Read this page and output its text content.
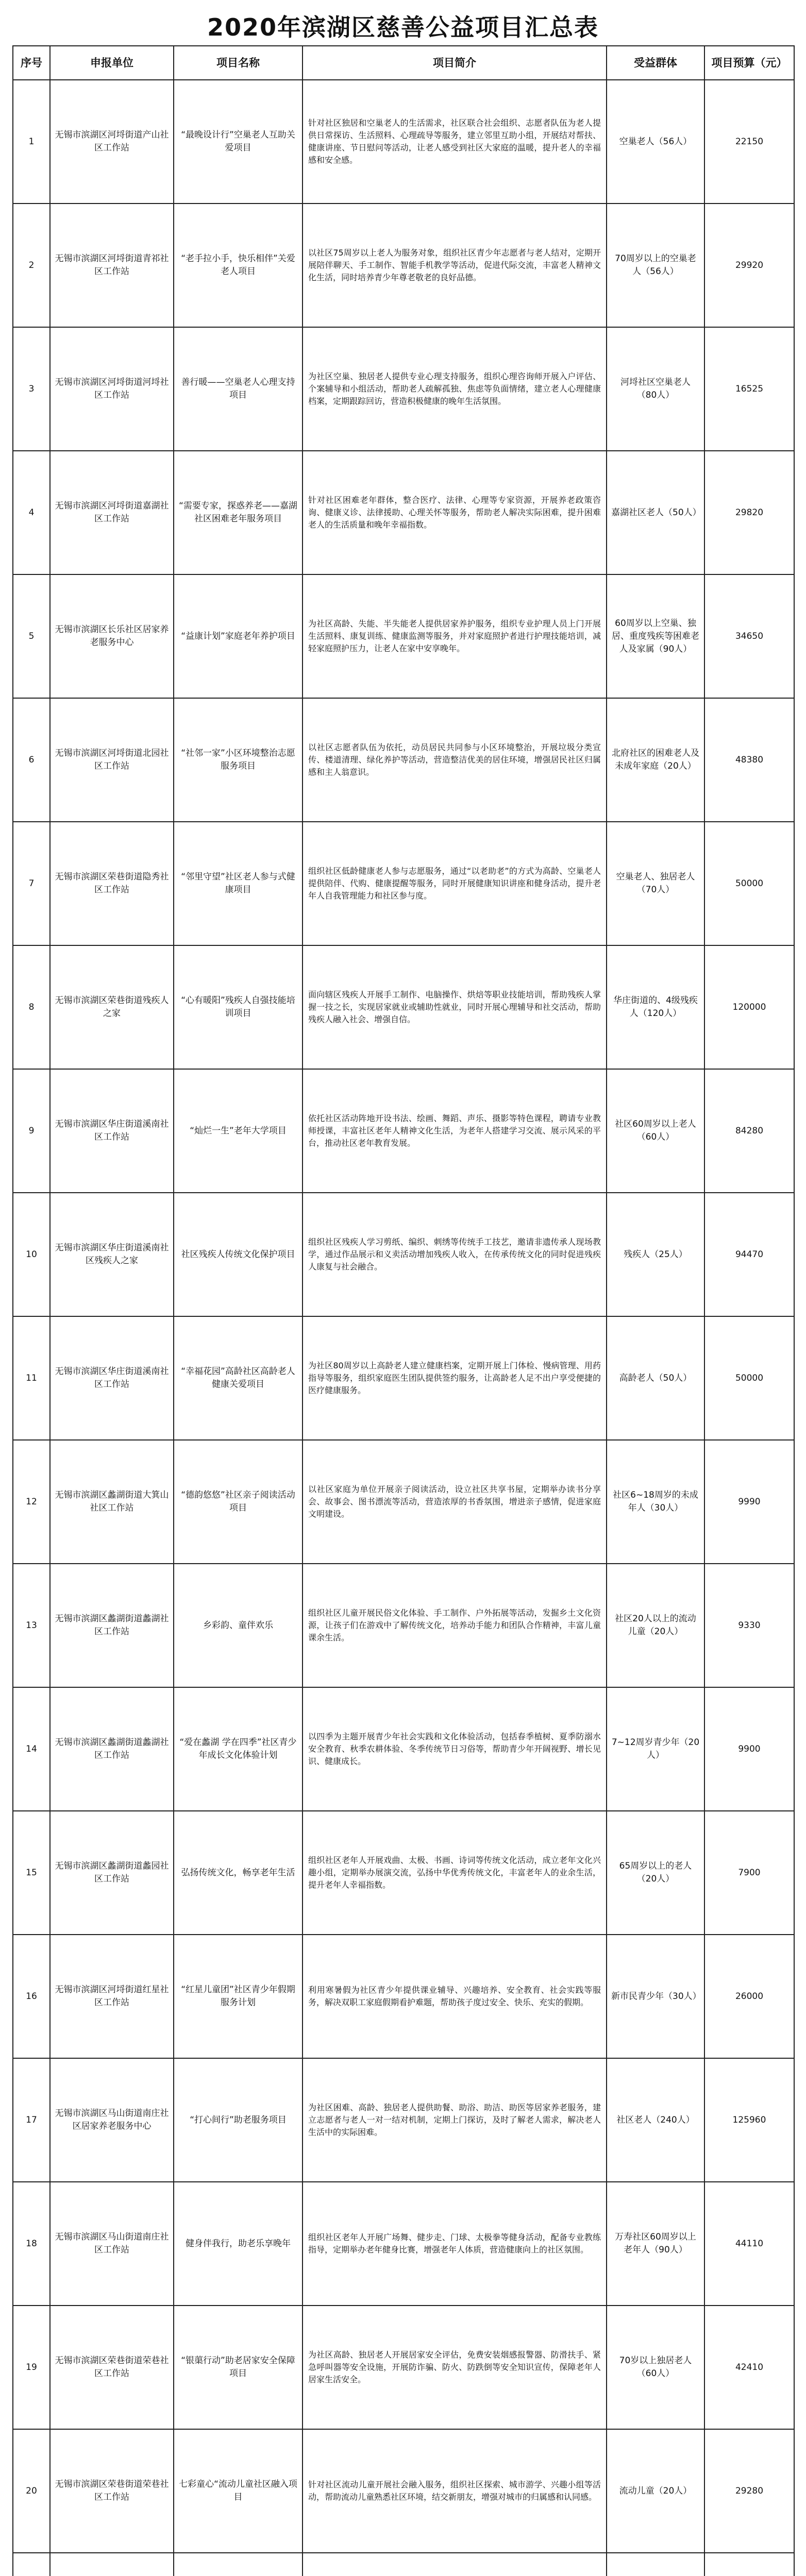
2020年滨湖区慈善公益项目汇总表
序号	申报单位	项目名称	项目简介	受益群体	项目预算（元）
1	无锡市滨湖区河埒街道产山社区工作站	“最晚设计行”空巢老人互助关爱项目	针对社区独居和空巢老人的生活需求，社区联合社会组织、志愿者队伍为老人提供日常探访、生活照料、心理疏导等服务，建立邻里互助小组，开展结对帮扶、健康讲座、节日慰问等活动，让老人感受到社区大家庭的温暖，提升老人的幸福感和安全感。	空巢老人（56人）	22150
2	无锡市滨湖区河埒街道青祁社区工作站	“老手拉小手，快乐相伴”关爱老人项目	以社区75周岁以上老人为服务对象，组织社区青少年志愿者与老人结对，定期开展陪伴聊天、手工制作、智能手机教学等活动，促进代际交流，丰富老人精神文化生活，同时培养青少年尊老敬老的良好品德。	70周岁以上的空巢老人（56人）	29920
3	无锡市滨湖区河埒街道河埒社区工作站	善行暖——空巢老人心理支持项目	为社区空巢、独居老人提供专业心理支持服务，组织心理咨询师开展入户评估、个案辅导和小组活动，帮助老人疏解孤独、焦虑等负面情绪，建立老人心理健康档案，定期跟踪回访，营造积极健康的晚年生活氛围。	河埒社区空巢老人（80人）	16525
4	无锡市滨湖区河埒街道嘉湖社区工作站	“需要专家，探惑养老——嘉湖社区困难老年服务项目	针对社区困难老年群体，整合医疗、法律、心理等专家资源，开展养老政策咨询、健康义诊、法律援助、心理关怀等服务，帮助老人解决实际困难，提升困难老人的生活质量和晚年幸福指数。	嘉湖社区老人（50人）	29820
5	无锡市滨湖区长乐社区居家养老服务中心	“益康计划”家庭老年养护项目	为社区高龄、失能、半失能老人提供居家养护服务，组织专业护理人员上门开展生活照料、康复训练、健康监测等服务，并对家庭照护者进行护理技能培训，减轻家庭照护压力，让老人在家中安享晚年。	60周岁以上空巢、独居、重度残疾等困难老人及家属（90人）	34650
6	无锡市滨湖区河埒街道北园社区工作站	“社邻一家”小区环境整治志愿服务项目	以社区志愿者队伍为依托，动员居民共同参与小区环境整治，开展垃圾分类宣传、楼道清理、绿化养护等活动，营造整洁优美的居住环境，增强居民社区归属感和主人翁意识。	北府社区的困难老人及未成年家庭（20人）	48380
7	无锡市滨湖区荣巷街道隐秀社区工作站	“邻里守望”社区老人参与式健康项目	组织社区低龄健康老人参与志愿服务，通过“以老助老”的方式为高龄、空巢老人提供陪伴、代购、健康提醒等服务，同时开展健康知识讲座和健身活动，提升老年人自我管理能力和社区参与度。	空巢老人、独居老人（70人）	50000
8	无锡市滨湖区荣巷街道残疾人之家	“心有暖阳”残疾人自强技能培训项目	面向辖区残疾人开展手工制作、电脑操作、烘焙等职业技能培训，帮助残疾人掌握一技之长，实现居家就业或辅助性就业，同时开展心理辅导和社交活动，帮助残疾人融入社会、增强自信。	华庄街道的、4级残疾人（120人）	120000
9	无锡市滨湖区华庄街道溪南社区工作站	“灿烂一生”老年大学项目	依托社区活动阵地开设书法、绘画、舞蹈、声乐、摄影等特色课程，聘请专业教师授课，丰富社区老年人精神文化生活，为老年人搭建学习交流、展示风采的平台，推动社区老年教育发展。	社区60周岁以上老人（60人）	84280
10	无锡市滨湖区华庄街道溪南社区残疾人之家	社区残疾人传统文化保护项目	组织社区残疾人学习剪纸、编织、刺绣等传统手工技艺，邀请非遗传承人现场教学，通过作品展示和义卖活动增加残疾人收入，在传承传统文化的同时促进残疾人康复与社会融合。	残疾人（25人）	94470
11	无锡市滨湖区华庄街道溪南社区工作站	“幸福花园”高龄社区高龄老人健康关爱项目	为社区80周岁以上高龄老人建立健康档案，定期开展上门体检、慢病管理、用药指导等服务，组织家庭医生团队提供签约服务，让高龄老人足不出户享受便捷的医疗健康服务。	高龄老人（50人）	50000
12	无锡市滨湖区蠡湖街道大箕山社区工作站	“德韵悠悠”社区亲子阅读活动项目	以社区家庭为单位开展亲子阅读活动，设立社区共享书屋，定期举办读书分享会、故事会、图书漂流等活动，营造浓厚的书香氛围，增进亲子感情，促进家庭文明建设。	社区6~18周岁的未成年人（30人）	9990
13	无锡市滨湖区蠡湖街道蠡湖社区工作站	乡彩韵、童伴欢乐	组织社区儿童开展民俗文化体验、手工制作、户外拓展等活动，发掘乡土文化资源，让孩子们在游戏中了解传统文化，培养动手能力和团队合作精神，丰富儿童课余生活。	社区20人以上的流动儿童（20人）	9330
14	无锡市滨湖区蠡湖街道蠡湖社区工作站	“爱在蠡湖 学在四季”社区青少年成长文化体验计划	以四季为主题开展青少年社会实践和文化体验活动，包括春季植树、夏季防溺水安全教育、秋季农耕体验、冬季传统节日习俗等，帮助青少年开阔视野、增长见识、健康成长。	7~12周岁青少年（20人）	9900
15	无锡市滨湖区蠡湖街道蠡园社区工作站	弘扬传统文化，畅享老年生活	组织社区老年人开展戏曲、太极、书画、诗词等传统文化活动，成立老年文化兴趣小组，定期举办展演交流，弘扬中华优秀传统文化，丰富老年人的业余生活，提升老年人幸福指数。	65周岁以上的老人（20人）	7900
16	无锡市滨湖区河埒街道红星社区工作站	“红星儿童团”社区青少年假期服务计划	利用寒暑假为社区青少年提供课业辅导、兴趣培养、安全教育、社会实践等服务，解决双职工家庭假期看护难题，帮助孩子度过安全、快乐、充实的假期。	新市民青少年（30人）	26000
17	无锡市滨湖区马山街道南庄社区居家养老服务中心	“打心间行”助老服务项目	为社区困难、高龄、独居老人提供助餐、助浴、助洁、助医等居家养老服务，建立志愿者与老人一对一结对机制，定期上门探访，及时了解老人需求，解决老人生活中的实际困难。	社区老人（240人）	125960
18	无锡市滨湖区马山街道南庄社区工作站	健身伴我行，助老乐享晚年	组织社区老年人开展广场舞、健步走、门球、太极拳等健身活动，配备专业教练指导，定期举办老年健身比赛，增强老年人体质，营造健康向上的社区氛围。	万寿社区60周岁以上老年人（90人）	44110
19	无锡市滨湖区荣巷街道荣巷社区工作站	“银蕖行动”助老居家安全保障项目	为社区高龄、独居老人开展居家安全评估，免费安装烟感报警器、防滑扶手、紧急呼叫器等安全设施，开展防诈骗、防火、防跌倒等安全知识宣传，保障老年人居家生活安全。	70岁以上独居老人（60人）	42410
20	无锡市滨湖区荣巷街道荣巷社区工作站	七彩童心“流动儿童社区融入项目	针对社区流动儿童开展社会融入服务，组织社区探索、城市游学、兴趣小组等活动，帮助流动儿童熟悉社区环境，结交新朋友，增强对城市的归属感和认同感。	流动儿童（20人）	29280
